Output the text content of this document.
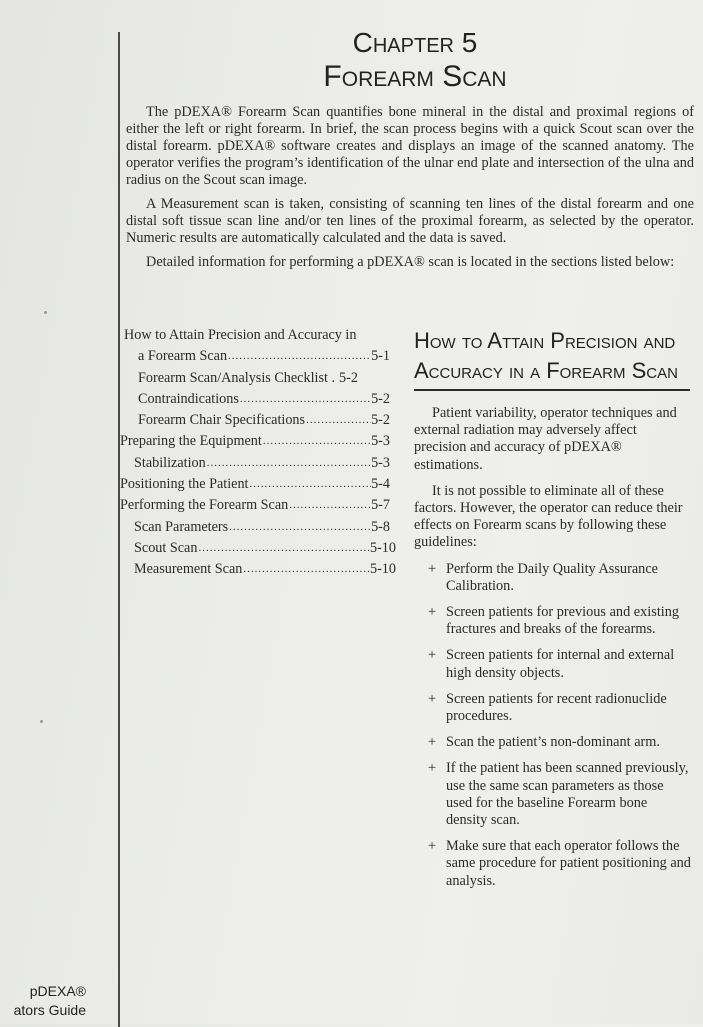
Chapter 5
Forearm Scan

The pDEXA® Forearm Scan quantifies bone mineral in the distal and proximal regions of either the left or right forearm. In brief, the scan process begins with a quick Scout scan over the distal forearm. pDEXA® software creates and displays an image of the scanned anatomy. The operator verifies the program’s identification of the ulnar end plate and intersection of the ulna and radius on the Scout scan image.

A Measurement scan is taken, consisting of scanning ten lines of the distal forearm and one distal soft tissue scan line and/or ten lines of the proximal forearm, as selected by the operator. Numeric results are automatically calculated and the data is saved.

Detailed information for performing a pDEXA® scan is located in the sections listed below:

How to Attain Precision and Accuracy in
a Forearm Scan .....	5-1
Forearm Scan/Analysis Checklist . 5-2
Contraindications .....	5-2
Forearm Chair Specifications .....	5-2
Preparing the Equipment .....	5-3
Stabilization .....	5-3
Positioning the Patient .....	5-4
Performing the Forearm Scan .....	5-7
Scan Parameters .....	5-8
Scout Scan .....	5-10
Measurement Scan .....	5-10
How to Attain Precision and Accuracy in a Forearm Scan

Patient variability, operator techniques and external radiation may adversely affect precision and accuracy of pDEXA® estimations.

It is not possible to eliminate all of these factors. However, the operator can reduce their effects on Forearm scans by following these guidelines:

+ Perform the Daily Quality Assurance Calibration.
+ Screen patients for previous and existing fractures and breaks of the forearms.
+ Screen patients for internal and external high density objects.
+ Screen patients for recent radionuclide procedures.
+ Scan the patient’s non-dominant arm.
+ If the patient has been scanned previously, use the same scan parameters as those used for the baseline Forearm bone density scan.
+ Make sure that each operator follows the same procedure for patient positioning and analysis.
pDEXA®
ators Guide
